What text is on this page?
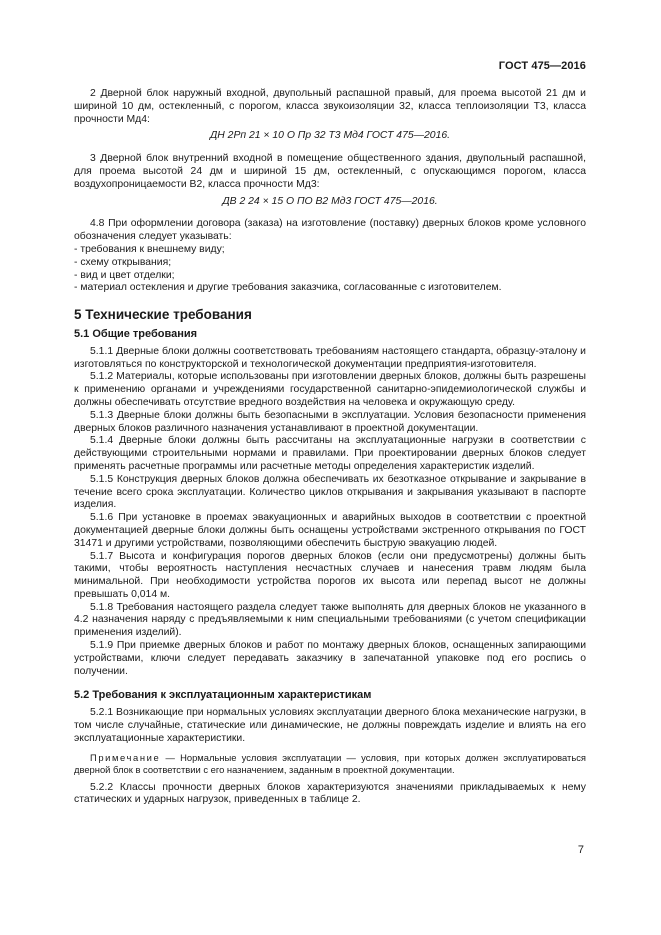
ГОСТ 475—2016

2 Дверной блок наружный входной, двупольный распашной правый, для проема высотой 21 дм и шириной 10 дм, остекленный, с порогом, класса звукоизоляции 32, класса теплоизоляции Т3, класса прочности Мд4:

ДН 2Рп 21 × 10 О Пр 32 Т3 Мд4 ГОСТ 475—2016.

3 Дверной блок внутренний входной в помещение общественного здания, двупольный распашной, для проема высотой 24 дм и шириной 15 дм, остекленный, с опускающимся порогом, класса воздухопроницаемости В2, класса прочности Мд3:

ДВ 2 24 × 15 О ПО В2 Мд3 ГОСТ 475—2016.

4.8 При оформлении договора (заказа) на изготовление (поставку) дверных блоков кроме условного обозначения следует указывать:

- требования к внешнему виду;

- схему открывания;

- вид и цвет отделки;

- материал остекления и другие требования заказчика, согласованные с изготовителем.

5 Технические требования
5.1 Общие требования

5.1.1 Дверные блоки должны соответствовать требованиям настоящего стандарта, образцу-эталону и изготовляться по конструкторской и технологической документации предприятия-изготовителя.

5.1.2 Материалы, которые использованы при изготовлении дверных блоков, должны быть разрешены к применению органами и учреждениями государственной санитарно-эпидемиологической службы и должны обеспечивать отсутствие вредного воздействия на человека и окружающую среду.

5.1.3 Дверные блоки должны быть безопасными в эксплуатации. Условия безопасности применения дверных блоков различного назначения устанавливают в проектной документации.

5.1.4 Дверные блоки должны быть рассчитаны на эксплуатационные нагрузки в соответствии с действующими строительными нормами и правилами. При проектировании дверных блоков следует применять расчетные программы или расчетные методы определения характеристик изделий.

5.1.5 Конструкция дверных блоков должна обеспечивать их безотказное открывание и закрывание в течение всего срока эксплуатации. Количество циклов открывания и закрывания указывают в паспорте изделия.

5.1.6 При установке в проемах эвакуационных и аварийных выходов в соответствии с проектной документацией дверные блоки должны быть оснащены устройствами экстренного открывания по ГОСТ 31471 и другими устройствами, позволяющими обеспечить быструю эвакуацию людей.

5.1.7 Высота и конфигурация порогов дверных блоков (если они предусмотрены) должны быть такими, чтобы вероятность наступления несчастных случаев и нанесения травм людям была минимальной. При необходимости устройства порогов их высота или перепад высот не должны превышать 0,014 м.

5.1.8 Требования настоящего раздела следует также выполнять для дверных блоков не указанного в 4.2 назначения наряду с предъявляемыми к ним специальными требованиями (с учетом спецификации применения изделий).

5.1.9 При приемке дверных блоков и работ по монтажу дверных блоков, оснащенных запирающими устройствами, ключи следует передавать заказчику в запечатанной упаковке под его роспись о получении.

5.2 Требования к эксплуатационным характеристикам

5.2.1 Возникающие при нормальных условиях эксплуатации дверного блока механические нагрузки, в том числе случайные, статические или динамические, не должны повреждать изделие и влиять на его эксплуатационные характеристики.

Примечание — Нормальные условия эксплуатации — условия, при которых должен эксплуатироваться дверной блок в соответствии с его назначением, заданным в проектной документации.

5.2.2 Классы прочности дверных блоков характеризуются значениями прикладываемых к нему статических и ударных нагрузок, приведенных в таблице 2.

7
